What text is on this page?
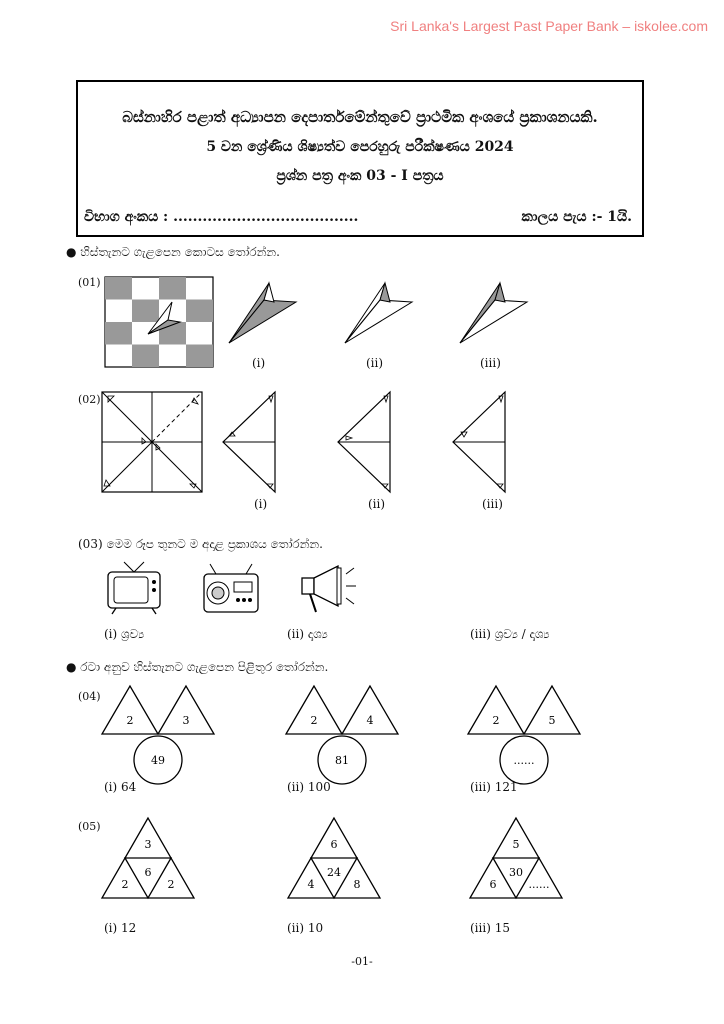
Sri Lanka's Largest Past Paper Bank – iskolee.com
බස්නාහිර පළාත් අධ්‍යාපන දෙපාර්තමේන්තුවේ ප්‍රාථමික අංශයේ ප්‍රකාශනයකි.
5 වන ශ්‍රේණිය ශිෂ්‍යත්ව පෙරහුරු පරීක්ෂණය 2024
ප්‍රශ්න පත්‍ර අංක 03 - I පත්‍රය
විභාග අංකය : ......................................	කාලය පැය :- 1යි.
● හිස්තැනට ගැළපෙන කොටස තෝරන්න.
(01)
(i)	(ii)	(iii)
(02)
(i)	(ii)	(iii)
(03) මෙම රූප තුනට ම අදාළ ප්‍රකාශය තෝරන්න.
(i) ශ්‍රව්‍ය	(ii) දෘශ්‍ය	(iii) ශ්‍රව්‍ය / දෘශ්‍ය
● රටා අනුව හිස්තැනට ගැළපෙන පිළිතුර තෝරන්න.
(04)
2	3
49
2	4
81
2	5
......
(i) 64	(ii) 100	(iii) 121
(05)
3
6
2	2
6
24
4	8
5
30
6	......
(i) 12	(ii) 10	(iii) 15
-01-
